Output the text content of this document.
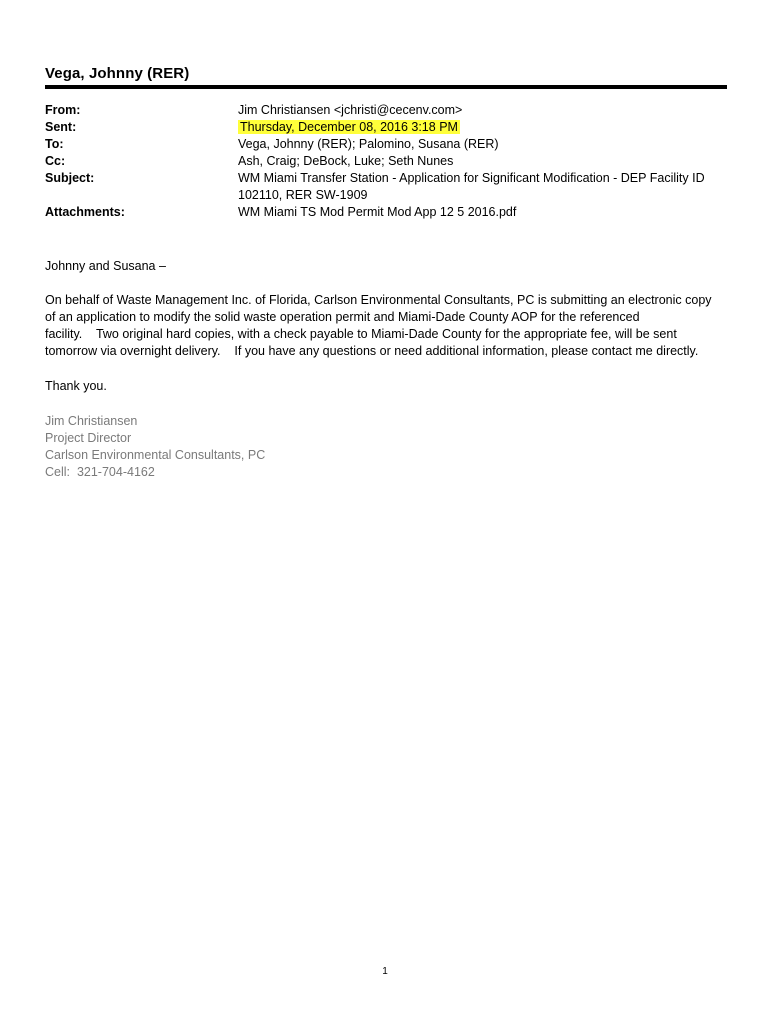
Vega, Johnny (RER)
From:	Jim Christiansen <jchristi@cecenv.com>
Sent:	Thursday, December 08, 2016 3:18 PM
To:	Vega, Johnny (RER); Palomino, Susana (RER)
Cc:	Ash, Craig; DeBock, Luke; Seth Nunes
Subject:	WM Miami Transfer Station - Application for Significant Modification - DEP Facility ID
102110, RER SW-1909
Attachments:	WM Miami TS Mod Permit Mod App 12 5 2016.pdf
Johnny and Susana –

On behalf of Waste Management Inc. of Florida, Carlson Environmental Consultants, PC is submitting an electronic copy

of an application to modify the solid waste operation permit and Miami-Dade County AOP for the referenced

facility.    Two original hard copies, with a check payable to Miami-Dade County for the appropriate fee, will be sent

tomorrow via overnight delivery.    If you have any questions or need additional information, please contact me directly.

Thank you.
Jim Christiansen
Project Director
Carlson Environmental Consultants, PC
Cell:  321-704-4162
1
